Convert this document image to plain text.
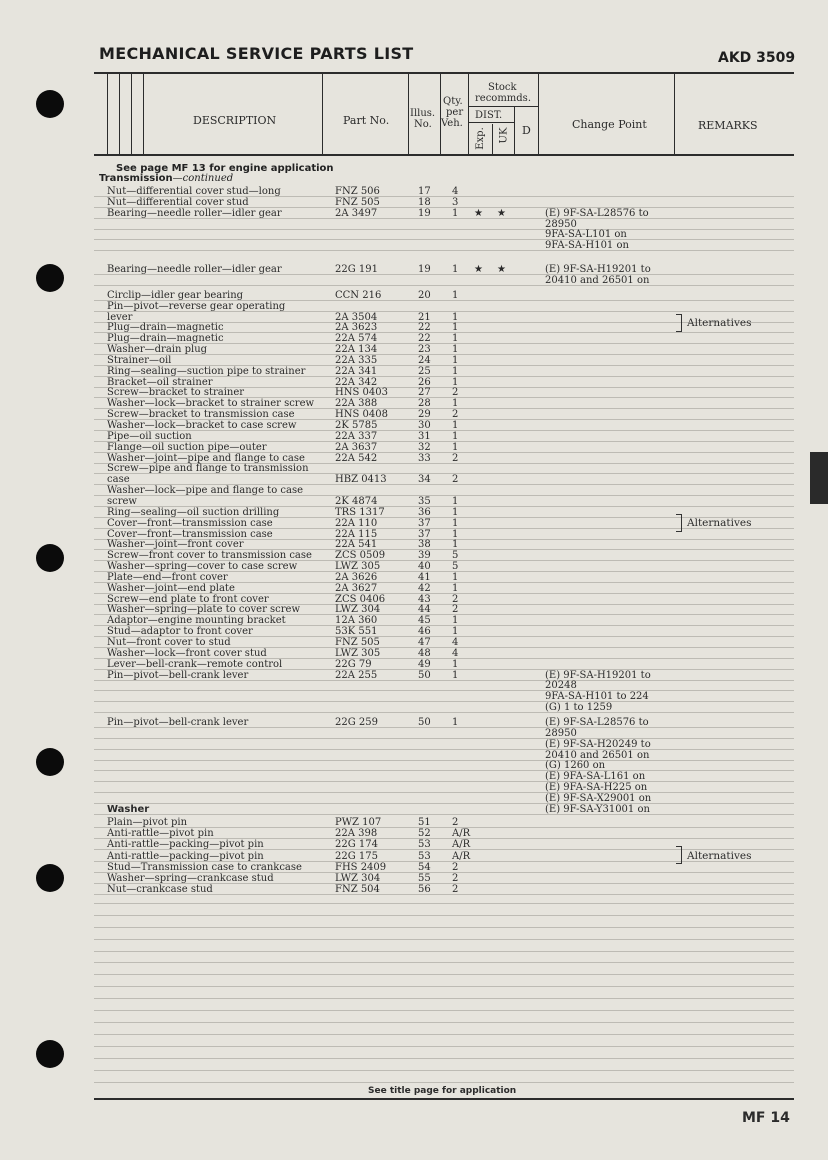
MECHANICAL SERVICE PARTS LIST	AKD 3509
DESCRIPTION	Part No.
Illus.
No.
Qty.
per
Veh.
Stock
recommds.
DIST.
Exp. UK D	Change Point	REMARKS
See page MF 13 for engine application
Transmission—continued
Nut—differential cover stud—long	FNZ 506	17	4
Nut—differential cover stud	FNZ 505	18	3
Bearing—needle roller—idler gear	2A 3497	19	1 ★ ★	(E) 9F-SA-L28576 to
28950
9FA-SA-L101 on
9FA-SA-H101 on
Bearing—needle roller—idler gear	22G 191	19	1 ★ ★	(E) 9F-SA-H19201 to
20410 and 26501 on
Circlip—idler gear bearing	CCN 216	20	1
Pin—pivot—reverse gear operating
lever	2A 3504	21	1
Plug—drain—magnetic	2A 3623	22	1
Plug—drain—magnetic	22A 574	22	1
Washer—drain plug	22A 134	23	1
Strainer—oil	22A 335	24	1
Ring—sealing—suction pipe to strainer	22A 341	25	1
Bracket—oil strainer	22A 342	26	1
Screw—bracket to strainer	HNS 0403	27	2
Washer—lock—bracket to strainer screw 22A 388	28	1
Screw—bracket to transmission case	HNS 0408	29	2
Washer—lock—bracket to case screw	2K 5785	30	1
Pipe—oil suction	22A 337	31	1
Flange—oil suction pipe—outer	2A 3637	32	1
Washer—joint—pipe and flange to case	22A 542	33	2
Screw—pipe and flange to transmission
case	HBZ 0413	34	2
Washer—lock—pipe and flange to case
screw	2K 4874	35	1
Ring—sealing—oil suction drilling	TRS 1317	36	1
Cover—front—transmission case	22A 110	37	1
Cover—front—transmission case	22A 115	37	1
Washer—joint—front cover	22A 541	38	1
Screw—front cover to transmission case ZCS 0509	39	5
Washer—spring—cover to case screw	LWZ 305	40	5
Plate—end—front cover	2A 3626	41	1
Washer—joint—end plate	2A 3627	42	1
Screw—end plate to front cover	ZCS 0406	43	2
Washer—spring—plate to cover screw	LWZ 304	44	2
Adaptor—engine mounting bracket	12A 360	45	1
Stud—adaptor to front cover	53K 551	46	1
Nut—front cover to stud	FNZ 505	47	4
Washer—lock—front cover stud	LWZ 305	48	4
Lever—bell-crank—remote control	22G 79	49	1
Pin—pivot—bell-crank lever	22A 255	50	1	(E) 9F-SA-H19201 to
20248
9FA-SA-H101 to 224
(G) 1 to 1259
Pin—pivot—bell-crank lever	22G 259	50	1	(E) 9F-SA-L28576 to
28950
(E) 9F-SA-H20249 to
20410 and 26501 on
(G) 1260 on
(E) 9FA-SA-L161 on
(E) 9FA-SA-H225 on
(E) 9F-SA-X29001 on
(E) 9F-SA-Y31001 on
Washer
Plain—pivot pin	PWZ 107	51	2
Anti-rattle—pivot pin	22A 398	52	A/R
Anti-rattle—packing—pivot pin	22G 174	53	A/R
Anti-rattle—packing—pivot pin	22G 175	53	A/R
Stud—Transmission case to crankcase	FHS 2409	54	2
Washer—spring—crankcase stud	LWZ 304	55	2
Nut—crankcase stud	FNZ 504	56	2
Alternatives
Alternatives
Alternatives
See title page for application
MF 14
